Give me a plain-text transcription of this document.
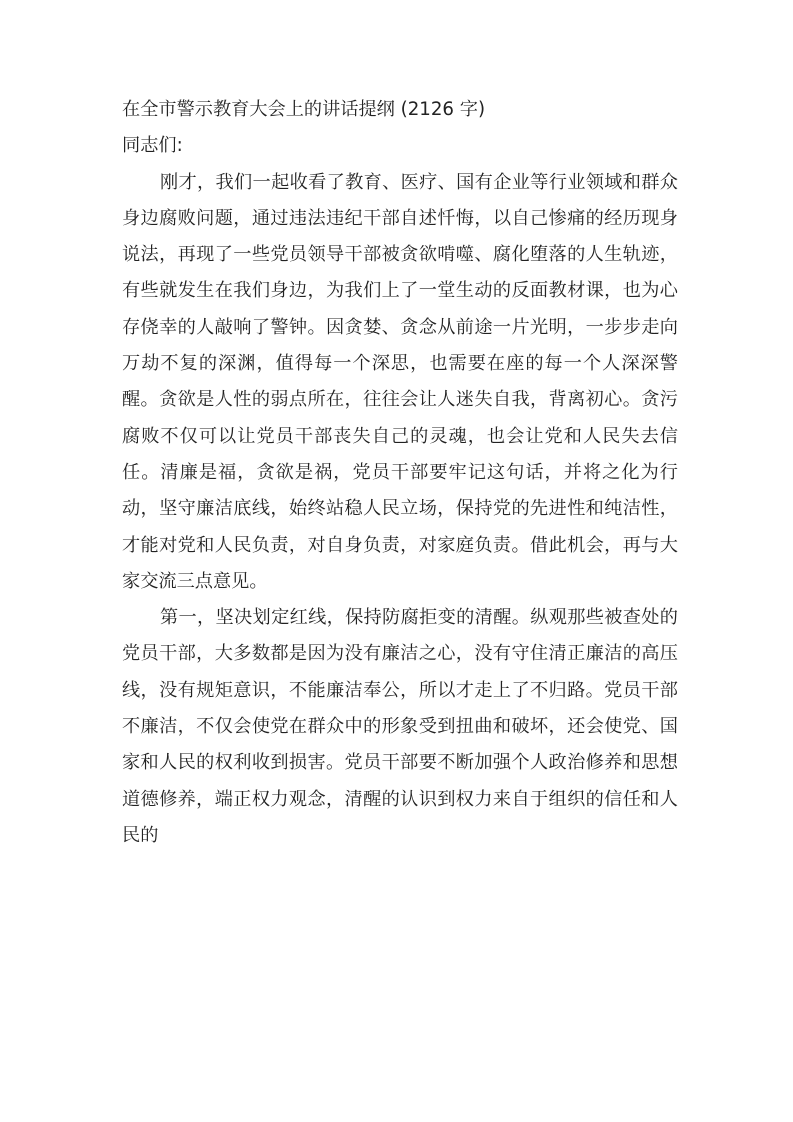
在全市警示教育大会上的讲话提纲 (2126 字)

同志们:

刚才，我们一起收看了教育、医疗、国有企业等行业领域和群众身边腐败问题，通过违法违纪干部自述忏悔，以自己惨痛的经历现身说法，再现了一些党员领导干部被贪欲啃噬、腐化堕落的人生轨迹，有些就发生在我们身边，为我们上了一堂生动的反面教材课，也为心存侥幸的人敲响了警钟。因贪婪、贪念从前途一片光明，一步步走向万劫不复的深渊，值得每一个深思，也需要在座的每一个人深深警醒。贪欲是人性的弱点所在，往往会让人迷失自我，背离初心。贪污腐败不仅可以让党员干部丧失自己的灵魂，也会让党和人民失去信任。清廉是福，贪欲是祸，党员干部要牢记这句话，并将之化为行动，坚守廉洁底线，始终站稳人民立场，保持党的先进性和纯洁性，才能对党和人民负责，对自身负责，对家庭负责。借此机会，再与大家交流三点意见。

第一，坚决划定红线，保持防腐拒变的清醒。纵观那些被查处的党员干部，大多数都是因为没有廉洁之心，没有守住清正廉洁的高压线，没有规矩意识，不能廉洁奉公，所以才走上了不归路。党员干部不廉洁，不仅会使党在群众中的形象受到扭曲和破坏，还会使党、国家和人民的权利收到损害。党员干部要不断加强个人政治修养和思想道德修养，端正权力观念，清醒的认识到权力来自于组织的信任和人民的
